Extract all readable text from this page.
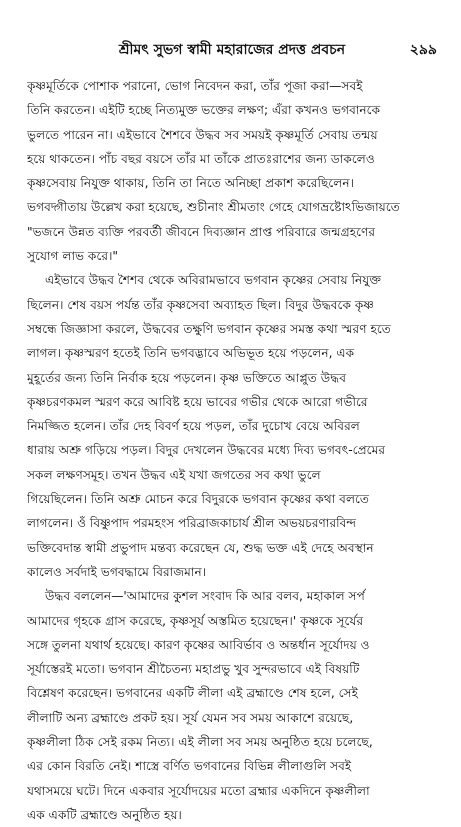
শ্রীমৎ সুভগ স্বামী মহারাজের প্রদত্ত প্রবচন	২৯৯

কৃষ্ণমূর্তিকে পোশাক পরানো, ভোগ নিবেদন করা, তাঁর পূজা করা—সবই
তিনি করতেন। এইটি হচ্ছে নিত্যমুক্ত ভক্তের লক্ষণ; এঁরা কখনও ভগবানকে
ভুলতে পারেন না। এইভাবে শৈশবে উদ্ধব সব সময়ই কৃষ্ণমূর্তি সেবায় তন্ময়
হয়ে থাকতেন। পাঁচ বছর বয়সে তাঁর মা তাঁকে প্রাতঃরাশের জন্য ডাকলেও
কৃষ্ণসেবায় নিযুক্ত থাকায়, তিনি তা নিতে অনিচ্ছা প্রকাশ করেছিলেন।
ভগবদ্গীতায় উল্লেখ করা হয়েছে, শুচীনাং শ্রীমতাং গেহে যোগভ্রষ্টোঽভিজায়তে
"ভজনে উন্নত ব্যক্তি পরবর্তী জীবনে দিব্যজ্ঞান প্রাপ্ত পরিবারে জন্মগ্রহণের
সুযোগ লাভ করে।"

এইভাবে উদ্ধব শৈশব থেকে অবিরামভাবে ভগবান কৃষ্ণের সেবায় নিযুক্ত
ছিলেন। শেষ বয়স পর্যন্ত তাঁর কৃষ্ণসেবা অব্যাহত ছিল। বিদুর উদ্ধবকে কৃষ্ণ
সম্বন্ধে জিজ্ঞাসা করলে, উদ্ধবের তক্ষুণি ভগবান কৃষ্ণের সমস্ত কথা স্মরণ হতে
লাগল। কৃষ্ণস্মরণ হতেই তিনি ভগবদ্ভাবে অভিভূত হয়ে পড়লেন, এক
মুহূর্তের জন্য তিনি নির্বাক হয়ে পড়লেন। কৃষ্ণ ভক্তিতে আপ্লুত উদ্ধব
কৃষ্ণচরণকমল স্মরণ করে আবিষ্ট হয়ে ভাবের গভীর থেকে আরো গভীরে
নিমজ্জিত হলেন। তাঁর দেহ বিবর্ণ হয়ে পড়ল, তাঁর দুচোখ বেয়ে অবিরল
ধারায় অশ্রু গড়িয়ে পড়ল। বিদুর দেখলেন উদ্ধবের মধ্যে দিব্য ভগবৎ-প্রেমের
সকল লক্ষণসমূহ। তখন উদ্ধব এই যখা জগতের সব কথা ভুলে
গিয়েছিলেন। তিনি অশ্রু মোচন করে বিদুরকে ভগবান কৃষ্ণের কথা বলতে
লাগলেন। ওঁ বিষ্ণুপাদ পরমহংস পরিব্রাজকাচার্য শ্রীল অভয়চরণারবিন্দ
ভক্তিবেদান্ত স্বামী প্রভুপাদ মন্তব্য করেছেন যে, শুদ্ধ ভক্ত এই দেহে অবস্থান
কালেও সর্বদাই ভগবদ্ধামে বিরাজমান।

উদ্ধব বললেন—'আমাদের কুশল সংবাদ কি আর বলব, মহাকাল সর্প
আমাদের গৃহকে গ্রাস করেছে, কৃষ্ণসূর্য অস্তমিত হয়েছেন।' কৃষ্ণকে সূর্যের
সঙ্গে তুলনা যথার্থ হয়েছে। কারণ কৃষ্ণের আবির্ভাব ও অন্তর্ধান সূর্যোদয় ও
সূর্যাস্তেরই মতো। ভগবান শ্রীচৈতন্য মহাপ্রভু খুব সুন্দরভাবে এই বিষয়টি
বিশ্লেষণ করেছেন। ভগবানের একটি লীলা এই ব্রহ্মাণ্ডে শেষ হলে, সেই
লীলাটি অন্য ব্রহ্মাণ্ডে প্রকট হয়। সূর্য যেমন সব সময় আকাশে রয়েছে,
কৃষ্ণলীলা ঠিক সেই রকম নিত্য। এই লীলা সব সময় অনুষ্ঠিত হয়ে চলেছে,
এর কোন বিরতি নেই। শাস্ত্রে বর্ণিত ভগবানের বিভিন্ন লীলাগুলি সবই
যথাসময়ে ঘটে। দিনে একবার সূর্যোদয়ের মতো ব্রহ্মার একদিনে কৃষ্ণলীলা
এক একটি ব্রহ্মাণ্ডে অনুষ্ঠিত হয়।
